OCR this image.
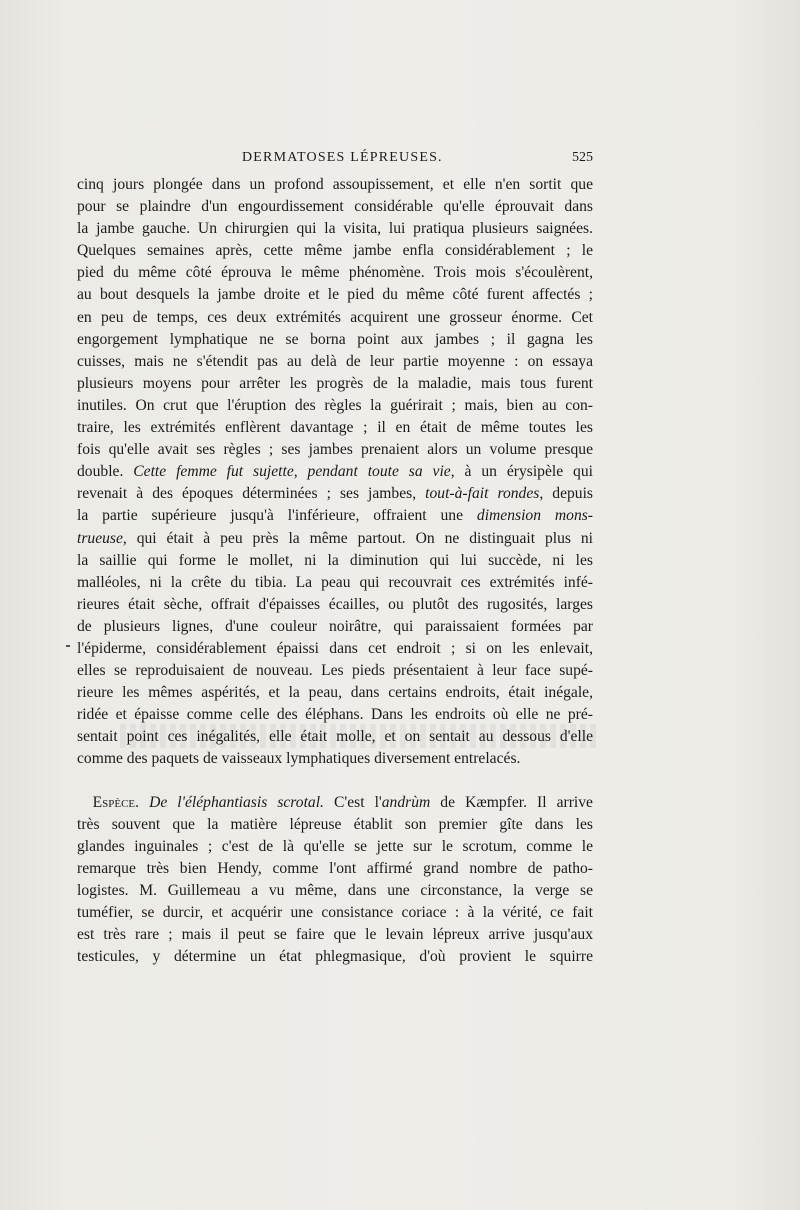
DERMATOSES LÉPREUSES.	525
cinq jours plongée dans un profond assoupissement, et elle n'en sortit que
pour se plaindre d'un engourdissement considérable qu'elle éprouvait dans
la jambe gauche. Un chirurgien qui la visita, lui pratiqua plusieurs saignées.
Quelques semaines après, cette même jambe enfla considérablement ; le
pied du même côté éprouva le même phénomène. Trois mois s'écoulèrent,
au bout desquels la jambe droite et le pied du même côté furent affectés ;
en peu de temps, ces deux extrémités acquirent une grosseur énorme. Cet
engorgement lymphatique ne se borna point aux jambes ; il gagna les
cuisses, mais ne s'étendit pas au delà de leur partie moyenne : on essaya
plusieurs moyens pour arrêter les progrès de la maladie, mais tous furent
inutiles. On crut que l'éruption des règles la guérirait ; mais, bien au con-
traire, les extrémités enflèrent davantage ; il en était de même toutes les
fois qu'elle avait ses règles ; ses jambes prenaient alors un volume presque
double. Cette femme fut sujette, pendant toute sa vie, à un érysipèle qui
revenait à des époques déterminées ; ses jambes, tout-à-fait rondes, depuis
la partie supérieure jusqu'à l'inférieure, offraient une dimension mons-
trueuse, qui était à peu près la même partout. On ne distinguait plus ni
la saillie qui forme le mollet, ni la diminution qui lui succède, ni les
malléoles, ni la crête du tibia. La peau qui recouvrait ces extrémités infé-
rieures était sèche, offrait d'épaisses écailles, ou plutôt des rugosités, larges
de plusieurs lignes, d'une couleur noirâtre, qui paraissaient formées par
l'épiderme, considérablement épaissi dans cet endroit ; si on les enlevait,
elles se reproduisaient de nouveau. Les pieds présentaient à leur face supé-
rieure les mêmes aspérités, et la peau, dans certains endroits, était inégale,
ridée et épaisse comme celle des éléphans. Dans les endroits où elle ne pré-
sentait point ces inégalités, elle était molle, et on sentait au dessous d'elle
comme des paquets de vaisseaux lymphatiques diversement entrelacés.
 Espèce. De l'éléphantiasis scrotal. C'est l'andrùm de Kæmpfer. Il arrive
très souvent que la matière lépreuse établit son premier gîte dans les
glandes inguinales ; c'est de là qu'elle se jette sur le scrotum, comme le
remarque très bien Hendy, comme l'ont affirmé grand nombre de patho-
logistes. M. Guillemeau a vu même, dans une circonstance, la verge se
tuméfier, se durcir, et acquérir une consistance coriace : à la vérité, ce fait
est très rare ; mais il peut se faire que le levain lépreux arrive jusqu'aux
testicules, y détermine un état phlegmasique, d'où provient le squirre
